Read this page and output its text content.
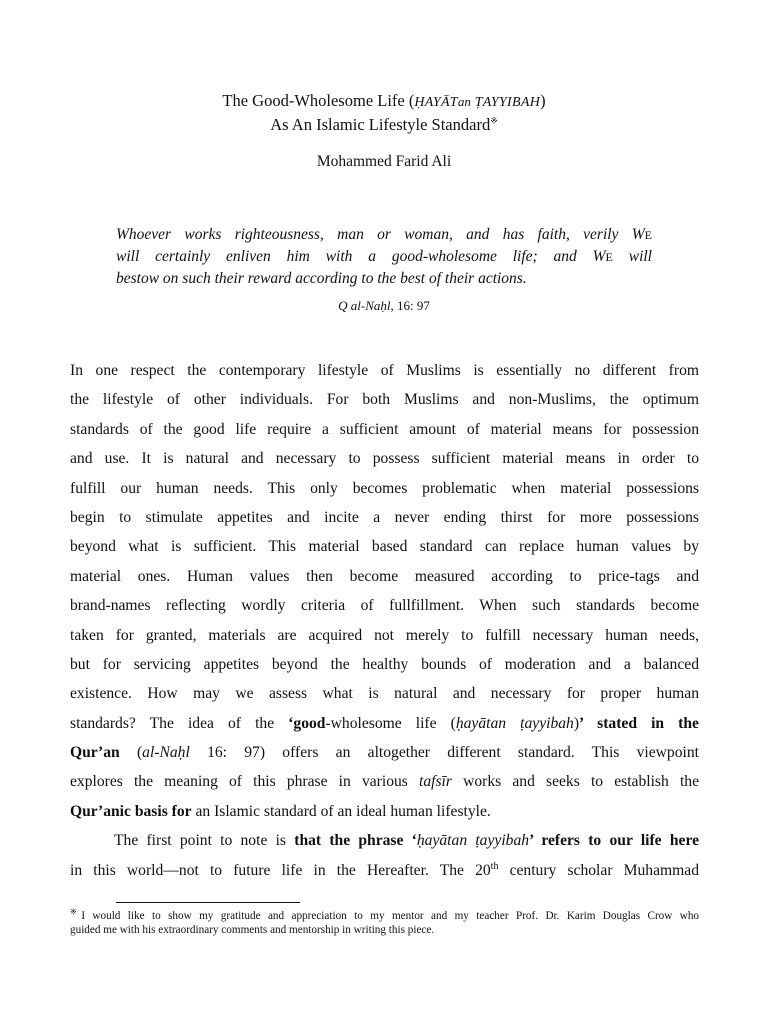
The Good-Wholesome Life (ḤAYĀTan ṬAYYIBAH)
As An Islamic Lifestyle Standard※
Mohammed Farid Ali
Whoever works righteousness, man or woman, and has faith, verily WE
will certainly enliven him with a good-wholesome life; and WE will
bestow on such their reward according to the best of their actions.
Q al-Naḥl, 16: 97
In one respect the contemporary lifestyle of Muslims is essentially no different from
the lifestyle of other individuals. For both Muslims and non-Muslims, the optimum
standards of the good life require a sufficient amount of material means for possession
and use. It is natural and necessary to possess sufficient material means in order to
fulfill our human needs. This only becomes problematic when material possessions
begin to stimulate appetites and incite a never ending thirst for more possessions
beyond what is sufficient. This material based standard can replace human values by
material ones. Human values then become measured according to price-tags and
brand-names reflecting wordly criteria of fullfillment. When such standards become
taken for granted, materials are acquired not merely to fulfill necessary human needs,
but for servicing appetites beyond the healthy bounds of moderation and a balanced
existence. How may we assess what is natural and necessary for proper human
standards? The idea of the ‘good-wholesome life (ḥayātan ṭayyibah)’ stated in the
Qur’an (al-Naḥl 16: 97) offers an altogether different standard. This viewpoint
explores the meaning of this phrase in various tafsīr works and seeks to establish the
Qur’anic basis for an Islamic standard of an ideal human lifestyle.
The first point to note is that the phrase ‘ḥayātan ṭayyibah’ refers to our life here
in this world—not to future life in the Hereafter. The 20th century scholar Muhammad
※I would like to show my gratitude and appreciation to my mentor and my teacher Prof. Dr. Karim Douglas Crow who
guided me with his extraordinary comments and mentorship in writing this piece.
